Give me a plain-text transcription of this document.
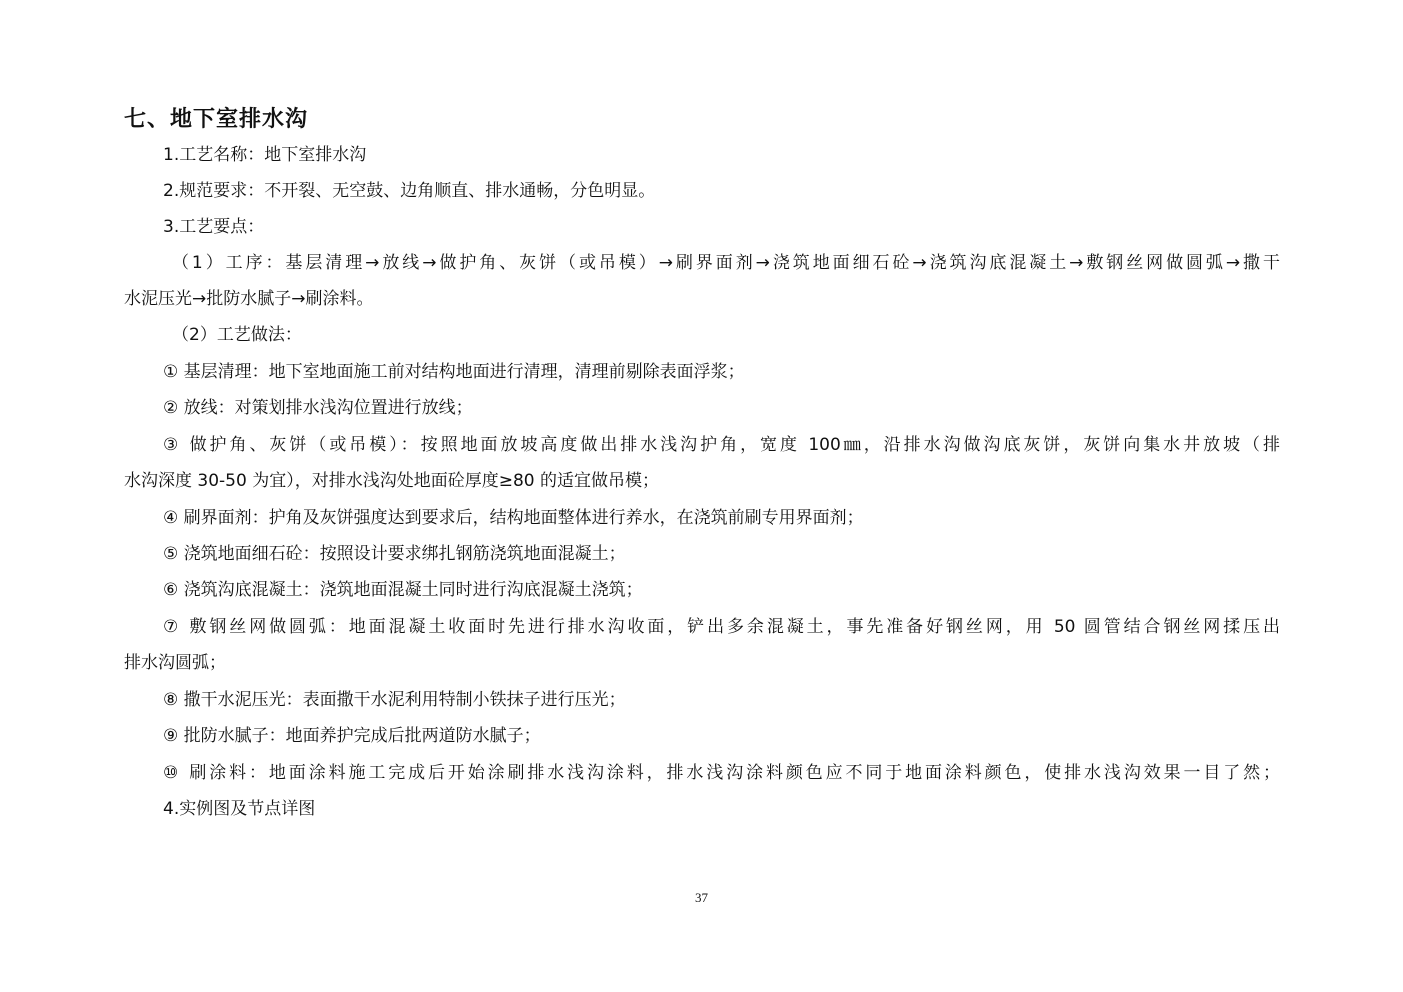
七、地下室排水沟
1.工艺名称：地下室排水沟
2.规范要求：不开裂、无空鼓、边角顺直、排水通畅，分色明显。
3.工艺要点：
（1）工序：基层清理→放线→做护角、灰饼（或吊模）→刷界面剂→浇筑地面细石砼→浇筑沟底混凝土→敷钢丝网做圆弧→撒干
水泥压光→批防水腻子→刷涂料。
（2）工艺做法：
① 基层清理：地下室地面施工前对结构地面进行清理，清理前剔除表面浮浆；
② 放线：对策划排水浅沟位置进行放线；
③ 做护角、灰饼（或吊模）：按照地面放坡高度做出排水浅沟护角，宽度 100㎜，沿排水沟做沟底灰饼，灰饼向集水井放坡（排
水沟深度 30-50 为宜），对排水浅沟处地面砼厚度≥80 的适宜做吊模；
④ 刷界面剂：护角及灰饼强度达到要求后，结构地面整体进行养水，在浇筑前刷专用界面剂；
⑤ 浇筑地面细石砼：按照设计要求绑扎钢筋浇筑地面混凝土；
⑥ 浇筑沟底混凝土：浇筑地面混凝土同时进行沟底混凝土浇筑；
⑦ 敷钢丝网做圆弧：地面混凝土收面时先进行排水沟收面，铲出多余混凝土，事先准备好钢丝网，用 50 圆管结合钢丝网揉压出
排水沟圆弧；
⑧ 撒干水泥压光：表面撒干水泥利用特制小铁抹子进行压光；
⑨ 批防水腻子：地面养护完成后批两道防水腻子；
⑩ 刷涂料：地面涂料施工完成后开始涂刷排水浅沟涂料，排水浅沟涂料颜色应不同于地面涂料颜色，使排水浅沟效果一目了然；
4.实例图及节点详图
37
